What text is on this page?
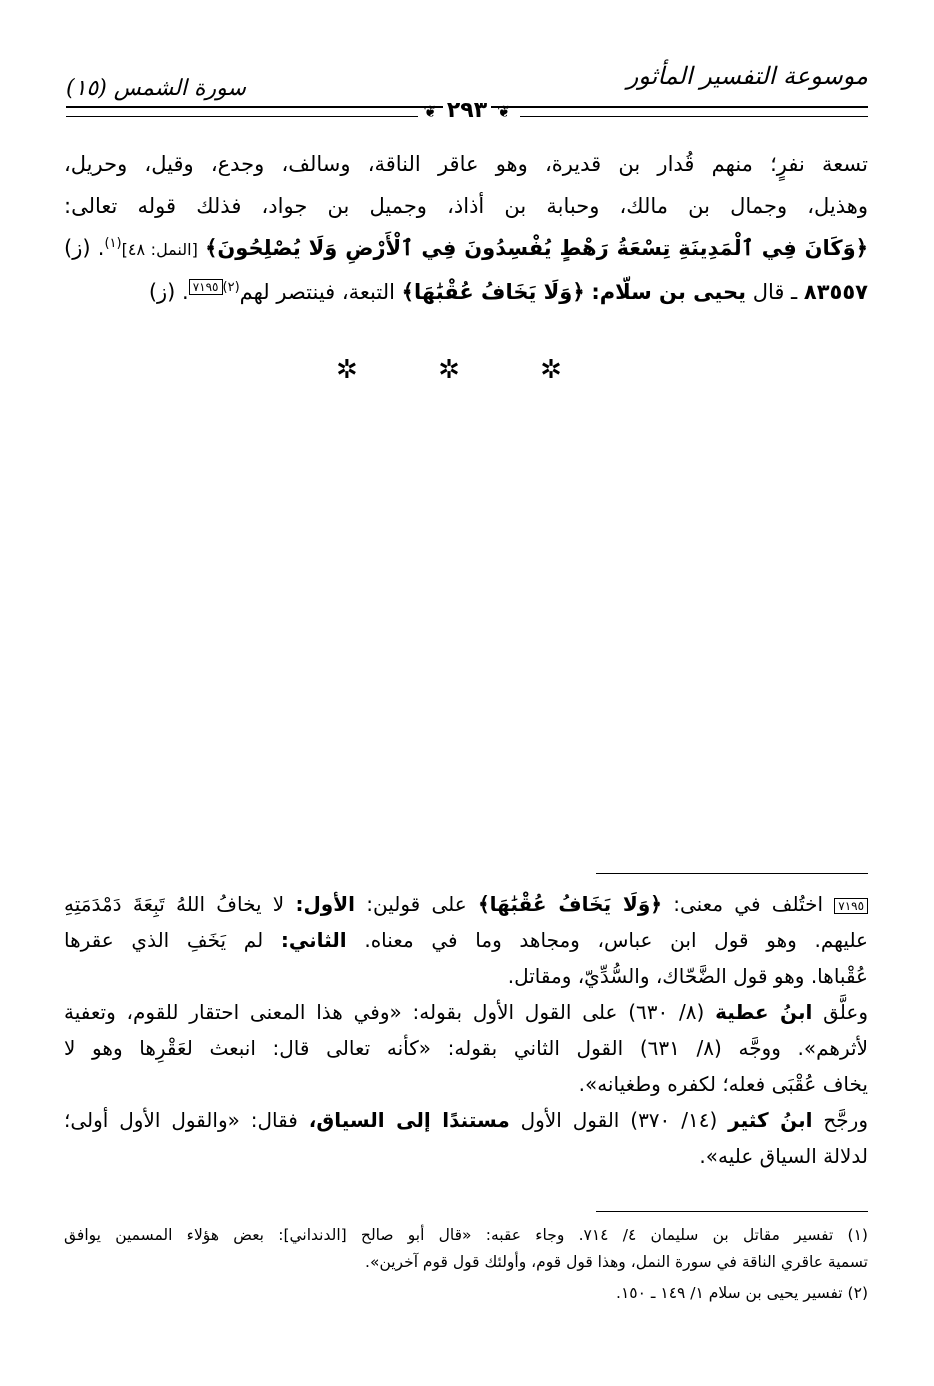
موسوعة التفسير المأثور
سورة الشمس (١٥)
❦٢٩٣❦
تسعة نفرٍ؛ منهم قُدار بن قديرة، وهو عاقر الناقة، وسالف، وجدع، وقيل، وحريل،
وهذيل، وجمال بن مالك، وحبابة بن أذاذ، وجميل بن جواد، فذلك قوله تعالى:
﴿وَكَانَ فِي ٱلْمَدِينَةِ تِسْعَةُ رَهْطٍ يُفْسِدُونَ فِي ٱلْأَرْضِ وَلَا يُصْلِحُونَ﴾ [النمل: ٤٨]$^{(١)}$. (ز)
٨٣٥٥٧ ـ قال يحيى بن سلّام: ﴿وَلَا يَخَافُ عُقْبَٰهَا﴾ التبعة، فينتصر لهم$^{(٢)}$٧١٩٥. (ز)
✲ ✲ ✲
٧١٩٥ اختُلف في معنى: ﴿وَلَا يَخَافُ عُقْبَٰهَا﴾ على قولين: الأول: لا يخافُ اللهُ تَبِعَةَ دَمْدَمَتِهِ
عليهم. وهو قول ابن عباس، ومجاهد وما في معناه. الثاني: لم يَخَفِ الذي عقرها
عُقْباها. وهو قول الضَّحّاك، والسُّدِّيّ، ومقاتل.
وعلَّق ابنُ عطية (٨/ ٦٣٠) على القول الأول بقوله: «وفي هذا المعنى احتقار للقوم، وتعفية
لأثرهم». ووجَّه (٨/ ٦٣١) القول الثاني بقوله: «كأنه تعالى قال: انبعث لعَقْرِها وهو لا
يخاف عُقْبَى فعله؛ لكفره وطغيانه».
ورجَّح ابنُ كثير (١٤/ ٣٧٠) القول الأول مستندًا إلى السياق، فقال: «والقول الأول أولى؛
لدلالة السياق عليه».
(١) تفسير مقاتل بن سليمان ٤/ ٧١٤. وجاء عقبه: «قال أبو صالح [الدنداني]: بعض هؤلاء المسمين يوافق
تسمية عاقري الناقة في سورة النمل، وهذا قول قوم، وأولئك قول قوم آخرين».
(٢) تفسير يحيى بن سلام ١/ ١٤٩ ـ ١٥٠.
